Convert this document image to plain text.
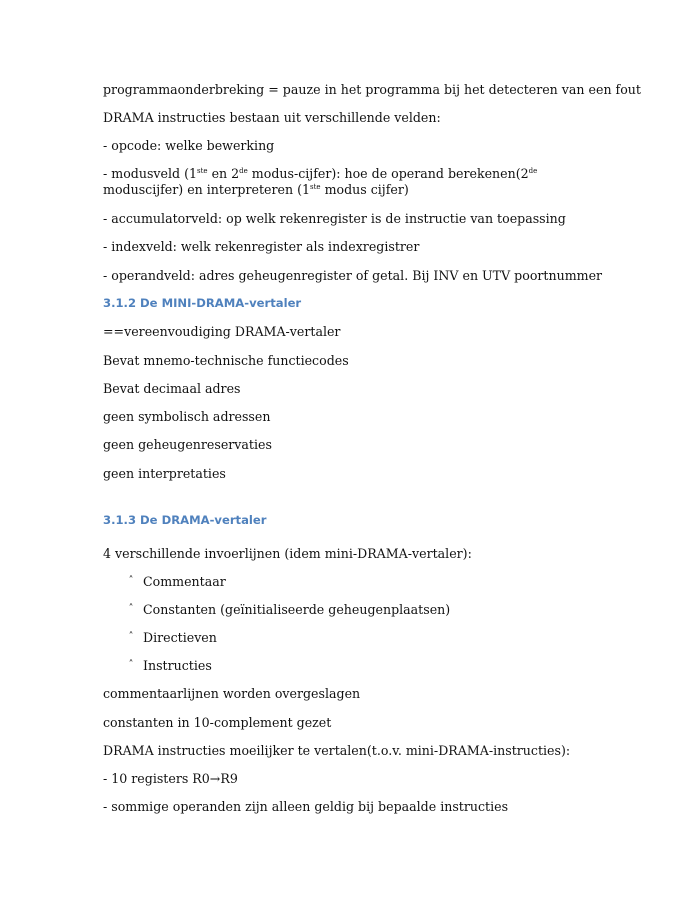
programmaonderbreking = pauze in het programma bij het detecteren van een fout
DRAMA instructies bestaan uit verschillende velden:
- opcode: welke bewerking
- modusveld (1ste en 2de modus-cijfer): hoe de operand berekenen(2de moduscijfer) en interpreteren (1ste modus cijfer)
- accumulatorveld: op welk rekenregister is de instructie van toepassing
- indexveld: welk rekenregister als indexregistrer
- operandveld: adres geheugenregister of getal. Bij INV en UTV poortnummer
3.1.2 De MINI-DRAMA-vertaler
==vereenvoudiging DRAMA-vertaler
Bevat mnemo-technische functiecodes
Bevat decimaal adres
geen symbolisch adressen
geen geheugenreservaties
geen interpretaties
3.1.3 De DRAMA-vertaler
4 verschillende invoerlijnen (idem mini-DRAMA-vertaler):
˄ Commentaar
˄ Constanten (geïnitialiseerde geheugenplaatsen)
˄ Directieven
˄ Instructies
commentaarlijnen worden overgeslagen
constanten in 10-complement gezet
DRAMA instructies moeilijker te vertalen(t.o.v. mini-DRAMA-instructies):
- 10 registers R0→R9
- sommige operanden zijn alleen geldig bij bepaalde instructies
